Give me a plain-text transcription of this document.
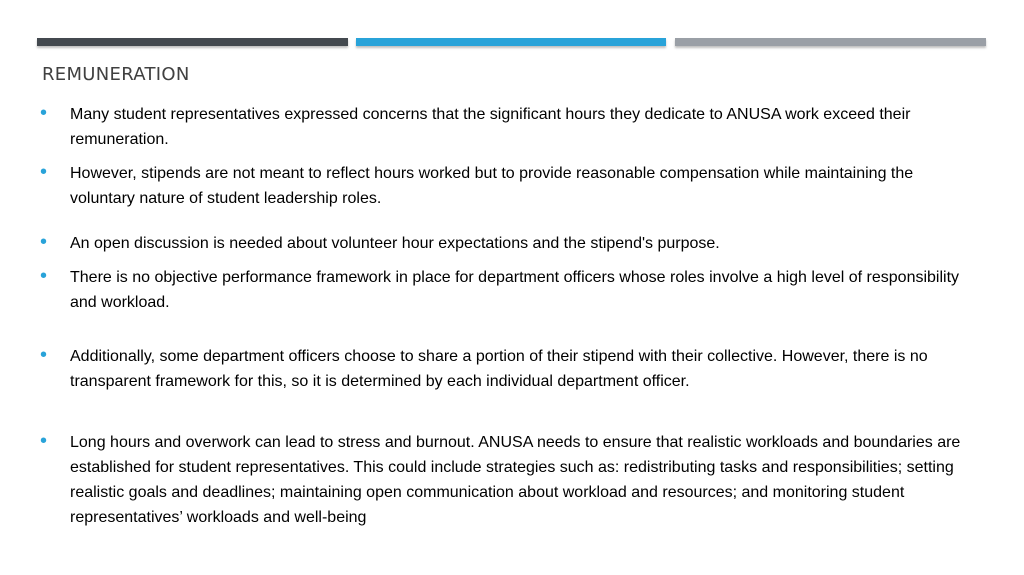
REMUNERATION
• Many student representatives expressed concerns that the significant hours they dedicate to ANUSA work exceed their remuneration.
• However, stipends are not meant to reflect hours worked but to provide reasonable compensation while maintaining the voluntary nature of student leadership roles.
• An open discussion is needed about volunteer hour expectations and the stipend's purpose.
• There is no objective performance framework in place for department officers whose roles involve a high level of responsibility and workload.
• Additionally, some department officers choose to share a portion of their stipend with their collective. However, there is no transparent framework for this, so it is determined by each individual department officer.
• Long hours and overwork can lead to stress and burnout. ANUSA needs to ensure that realistic workloads and boundaries are established for student representatives. This could include strategies such as: redistributing tasks and responsibilities; setting realistic goals and deadlines; maintaining open communication about workload and resources; and monitoring student representatives’ workloads and well-being
